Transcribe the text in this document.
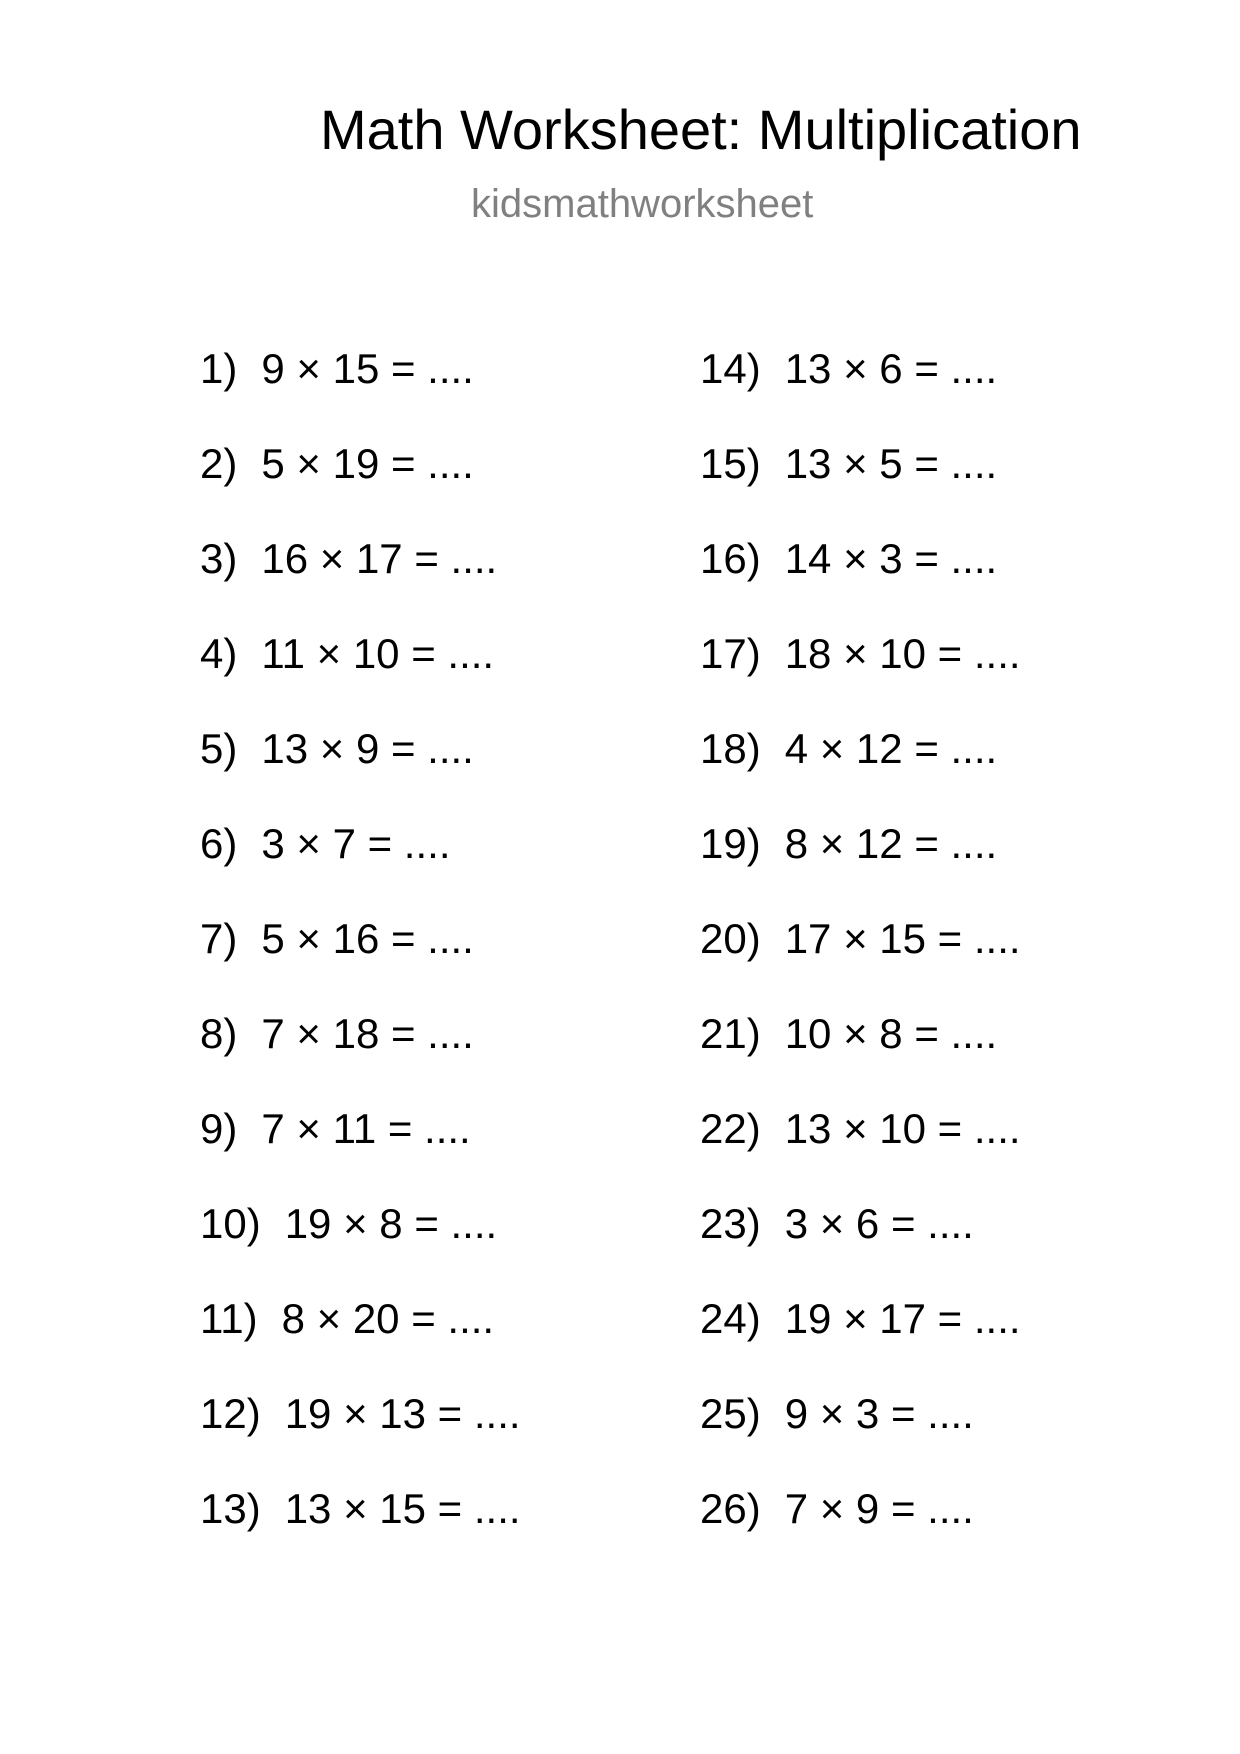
Math Worksheet: Multiplication
kidsmathworksheet
1) 9 × 15 = ....
2) 5 × 19 = ....
3) 16 × 17 = ....
4) 11 × 10 = ....
5) 13 × 9 = ....
6) 3 × 7 = ....
7) 5 × 16 = ....
8) 7 × 18 = ....
9) 7 × 11 = ....
10) 19 × 8 = ....
11) 8 × 20 = ....
12) 19 × 13 = ....
13) 13 × 15 = ....
14) 13 × 6 = ....
15) 13 × 5 = ....
16) 14 × 3 = ....
17) 18 × 10 = ....
18) 4 × 12 = ....
19) 8 × 12 = ....
20) 17 × 15 = ....
21) 10 × 8 = ....
22) 13 × 10 = ....
23) 3 × 6 = ....
24) 19 × 17 = ....
25) 9 × 3 = ....
26) 7 × 9 = ....
